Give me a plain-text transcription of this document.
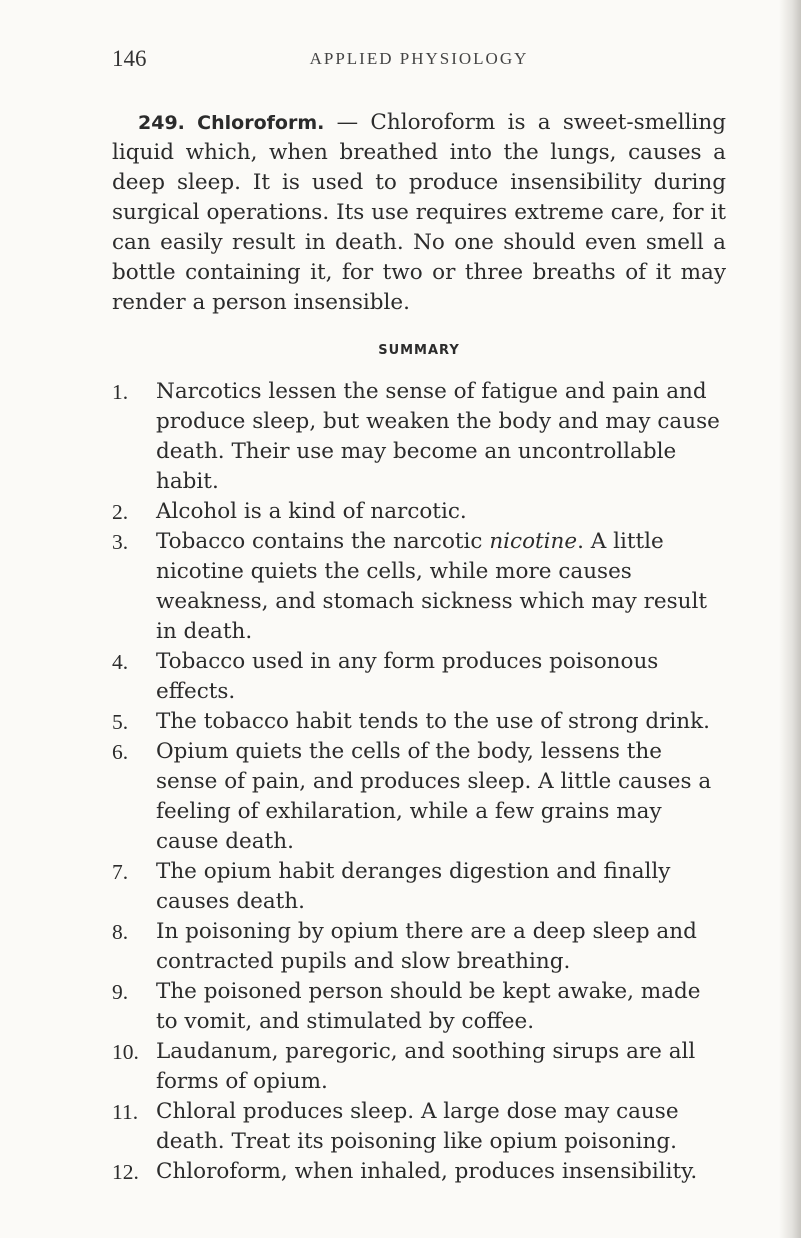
146	APPLIED PHYSIOLOGY

249. Chloroform. — Chloroform is a sweet-smelling liquid which, when breathed into the lungs, causes a deep sleep. It is used to produce insensibility during surgical operations. Its use requires extreme care, for it can easily result in death. No one should even smell a bottle containing it, for two or three breaths of it may render a person insensible.

SUMMARY
1. Narcotics lessen the sense of fatigue and pain and produce sleep, but weaken the body and may cause death. Their use may become an uncontrollable habit.
2. Alcohol is a kind of narcotic.
3. Tobacco contains the narcotic nicotine. A little nicotine quiets the cells, while more causes weakness, and stomach sickness which may result in death.
4. Tobacco used in any form produces poisonous effects.
5. The tobacco habit tends to the use of strong drink.
6. Opium quiets the cells of the body, lessens the sense of pain, and produces sleep. A little causes a feeling of exhilaration, while a few grains may cause death.
7. The opium habit deranges digestion and finally causes death.
8. In poisoning by opium there are a deep sleep and contracted pupils and slow breathing.
9. The poisoned person should be kept awake, made to vomit, and stimulated by coffee.
10. Laudanum, paregoric, and soothing sirups are all forms of opium.
11. Chloral produces sleep. A large dose may cause death. Treat its poisoning like opium poisoning.
12. Chloroform, when inhaled, produces insensibility.
